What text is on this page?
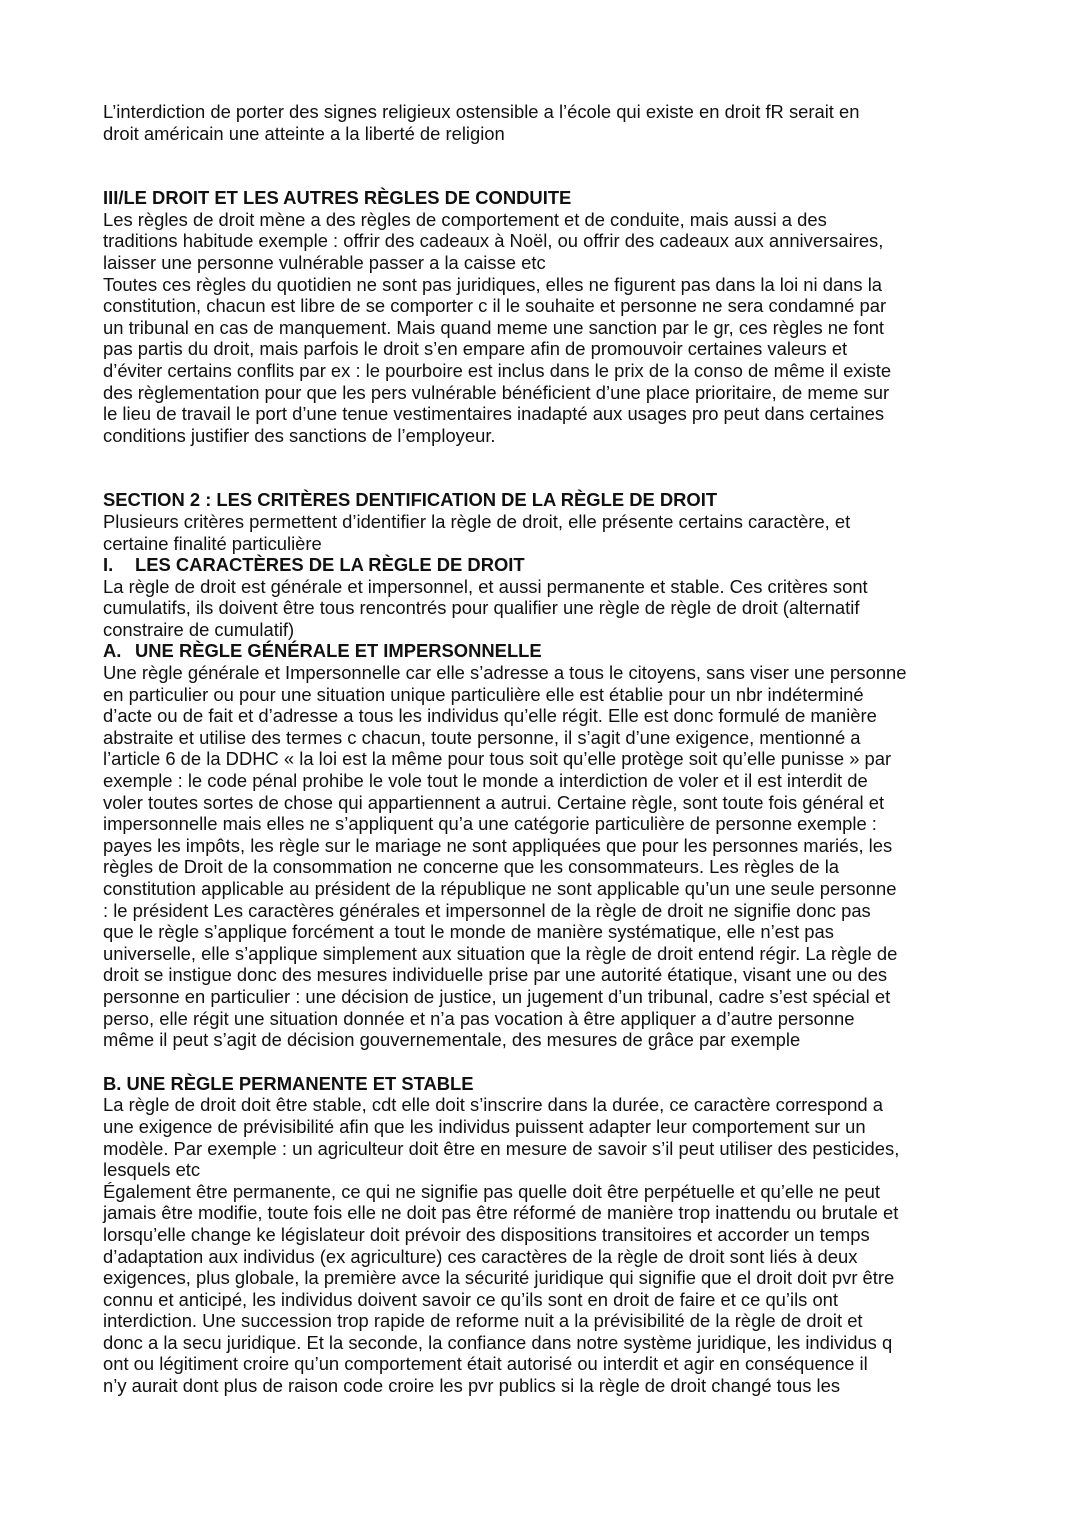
L’interdiction de porter des signes religieux ostensible a l’école qui existe en droit fR serait en
droit américain une atteinte a la liberté de religion
III/LE DROIT ET LES AUTRES RÈGLES DE CONDUITE
Les règles de droit mène a des règles de comportement et de conduite, mais aussi a des
traditions habitude exemple : offrir des cadeaux à Noël, ou offrir des cadeaux aux anniversaires,
laisser une personne vulnérable passer a la caisse etc
Toutes ces règles du quotidien ne sont pas juridiques, elles ne figurent pas dans la loi ni dans la
constitution, chacun est libre de se comporter c il le souhaite et personne ne sera condamné par
un tribunal en cas de manquement. Mais quand meme une sanction par le gr, ces règles ne font
pas partis du droit, mais parfois le droit s’en empare afin de promouvoir certaines valeurs et
d’éviter certains conflits par ex : le pourboire est inclus dans le prix de la conso de même il existe
des règlementation pour que les pers vulnérable bénéficient d’une place prioritaire, de meme sur
le lieu de travail le port d’une tenue vestimentaires inadapté aux usages pro peut dans certaines
conditions justifier des sanctions de l’employeur.
SECTION 2 : LES CRITÈRES DENTIFICATION DE LA RÈGLE DE DROIT
Plusieurs critères permettent d’identifier la règle de droit, elle présente certains caractère, et
certaine finalité particulière
I. LES CARACTÈRES DE LA RÈGLE DE DROIT
La règle de droit est générale et impersonnel, et aussi permanente et stable. Ces critères sont
cumulatifs, ils doivent être tous rencontrés pour qualifier une règle de règle de droit (alternatif
constraire de cumulatif)
A. UNE RÈGLE GÉNÉRALE ET IMPERSONNELLE
Une règle générale et Impersonnelle car elle s’adresse a tous le citoyens, sans viser une personne
en particulier ou pour une situation unique particulière elle est établie pour un nbr indéterminé
d’acte ou de fait et d’adresse a tous les individus qu’elle régit. Elle est donc formulé de manière
abstraite et utilise des termes c chacun, toute personne, il s’agit d’une exigence, mentionné a
l’article 6 de la DDHC « la loi est la même pour tous soit qu’elle protège soit qu’elle punisse » par
exemple : le code pénal prohibe le vole tout le monde a interdiction de voler et il est interdit de
voler toutes sortes de chose qui appartiennent a autrui. Certaine règle, sont toute fois général et
impersonnelle mais elles ne s’appliquent qu’a une catégorie particulière de personne exemple :
payes les impôts, les règle sur le mariage ne sont appliquées que pour les personnes mariés, les
règles de Droit de la consommation ne concerne que les consommateurs. Les règles de la
constitution applicable au président de la république ne sont applicable qu’un une seule personne
: le président Les caractères générales et impersonnel de la règle de droit ne signifie donc pas
que le règle s’applique forcément a tout le monde de manière systématique, elle n’est pas
universelle, elle s’applique simplement aux situation que la règle de droit entend régir. La règle de
droit se instigue donc des mesures individuelle prise par une autorité étatique, visant une ou des
personne en particulier : une décision de justice, un jugement d’un tribunal, cadre s’est spécial et
perso, elle régit une situation donnée et n’a pas vocation à être appliquer a d’autre personne
même il peut s’agit de décision gouvernementale, des mesures de grâce par exemple
B. UNE RÈGLE PERMANENTE ET STABLE
La règle de droit doit être stable, cdt elle doit s’inscrire dans la durée, ce caractère correspond a
une exigence de prévisibilité afin que les individus puissent adapter leur comportement sur un
modèle. Par exemple : un agriculteur doit être en mesure de savoir s’il peut utiliser des pesticides,
lesquels etc
Également être permanente, ce qui ne signifie pas quelle doit être perpétuelle et qu’elle ne peut
jamais être modifie, toute fois elle ne doit pas être réformé de manière trop inattendu ou brutale et
lorsqu’elle change ke législateur doit prévoir des dispositions transitoires et accorder un temps
d’adaptation aux individus (ex agriculture) ces caractères de la règle de droit sont liés à deux
exigences, plus globale, la première avce la sécurité juridique qui signifie que el droit doit pvr être
connu et anticipé, les individus doivent savoir ce qu’ils sont en droit de faire et ce qu’ils ont
interdiction. Une succession trop rapide de reforme nuit a la prévisibilité de la règle de droit et
donc a la secu juridique. Et la seconde, la confiance dans notre système juridique, les individus q
ont ou légitiment croire qu’un comportement était autorisé ou interdit et agir en conséquence il
n’y aurait dont plus de raison code croire les pvr publics si la règle de droit changé tous les
